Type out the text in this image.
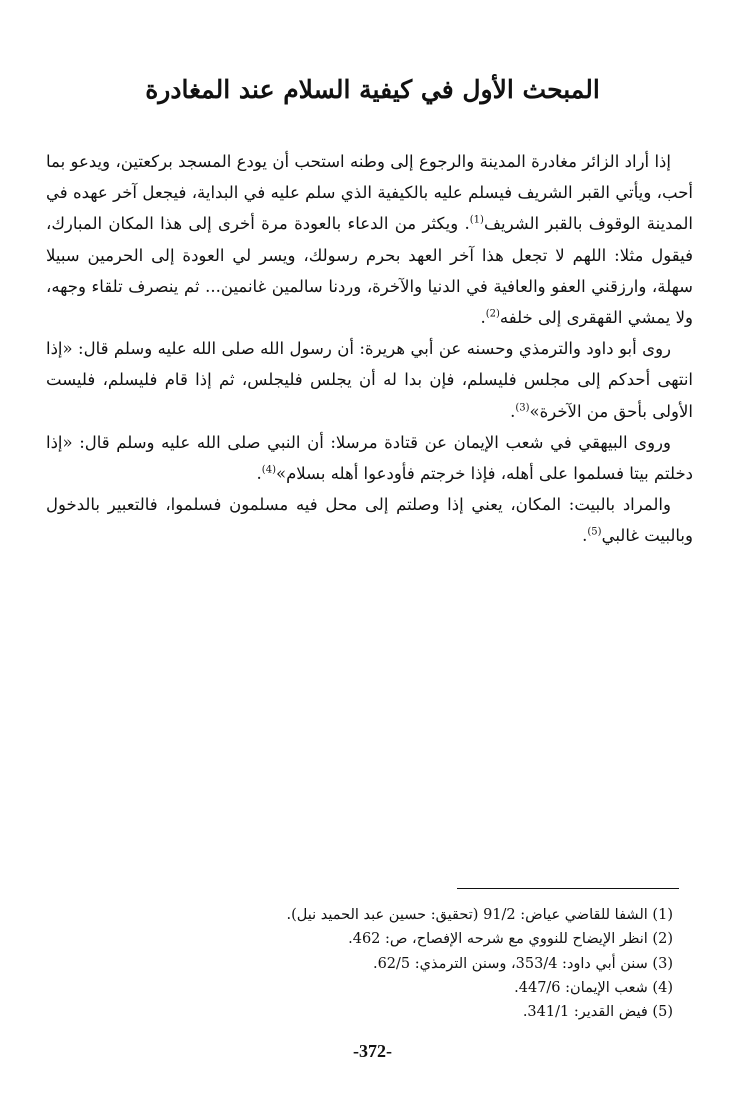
المبحث الأول في كيفية السلام عند المغادرة

إذا أراد الزائر مغادرة المدينة والرجوع إلى وطنه استحب أن يودع المسجد بركعتين، ويدعو بما أحب، ويأتي القبر الشريف فيسلم عليه بالكيفية الذي سلم عليه في البداية، فيجعل آخر عهده في المدينة الوقوف بالقبر الشريف$^{(1)}$. ويكثر من الدعاء بالعودة مرة أخرى إلى هذا المكان المبارك، فيقول مثلا: اللهم لا تجعل هذا آخر العهد بحرم رسولك، ويسر لي العودة إلى الحرمين سبيلا سهلة، وارزقني العفو والعافية في الدنيا والآخرة، وردنا سالمين غانمين... ثم ينصرف تلقاء وجهه، ولا يمشي القهقرى إلى خلفه$^{(2)}$.

روى أبو داود والترمذي وحسنه عن أبي هريرة: أن رسول الله صلى الله عليه وسلم قال: «إذا انتهى أحدكم إلى مجلس فليسلم، فإن بدا له أن يجلس فليجلس، ثم إذا قام فليسلم، فليست الأولى بأحق من الآخرة»$^{(3)}$.

وروى البيهقي في شعب الإيمان عن قتادة مرسلا: أن النبي صلى الله عليه وسلم قال: «إذا دخلتم بيتا فسلموا على أهله، فإذا خرجتم فأودعوا أهله بسلام»$^{(4)}$.

والمراد بالبيت: المكان، يعني إذا وصلتم إلى محل فيه مسلمون فسلموا، فالتعبير بالدخول وبالبيت غالبي$^{(5)}$.

(1) الشفا للقاضي عياض: 91/2 (تحقيق: حسين عبد الحميد نيل).
(2) انظر الإيضاح للنووي مع شرحه الإفصاح، ص: 462.
(3) سنن أبي داود: 353/4، وسنن الترمذي: 62/5.
(4) شعب الإيمان: 447/6.
(5) فيض القدير: 341/1.
-372-
